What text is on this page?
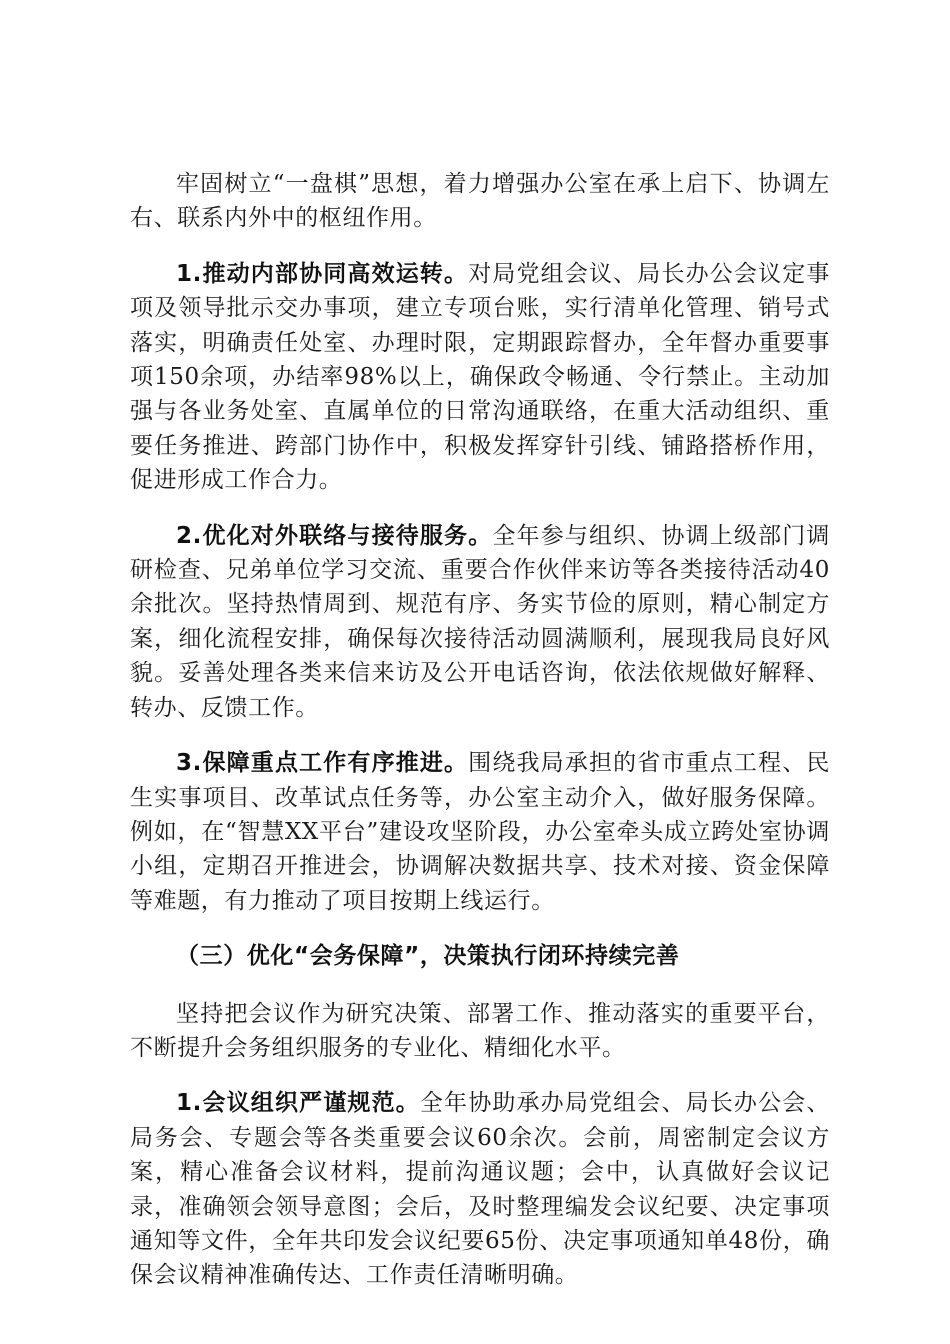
牢固树立“一盘棋”思想，着力增强办公室在承上启下、协调左右、联系内外中的枢纽作用。

1.推动内部协同高效运转。对局党组会议、局长办公会议定事项及领导批示交办事项，建立专项台账，实行清单化管理、销号式落实，明确责任处室、办理时限，定期跟踪督办，全年督办重要事项150余项，办结率98%以上，确保政令畅通、令行禁止。主动加强与各业务处室、直属单位的日常沟通联络，在重大活动组织、重要任务推进、跨部门协作中，积极发挥穿针引线、铺路搭桥作用，促进形成工作合力。

2.优化对外联络与接待服务。全年参与组织、协调上级部门调研检查、兄弟单位学习交流、重要合作伙伴来访等各类接待活动40余批次。坚持热情周到、规范有序、务实节俭的原则，精心制定方案，细化流程安排，确保每次接待活动圆满顺利，展现我局良好风貌。妥善处理各类来信来访及公开电话咨询，依法依规做好解释、转办、反馈工作。

3.保障重点工作有序推进。围绕我局承担的省市重点工程、民生实事项目、改革试点任务等，办公室主动介入，做好服务保障。例如，在“智慧XX平台”建设攻坚阶段，办公室牵头成立跨处室协调小组，定期召开推进会，协调解决数据共享、技术对接、资金保障等难题，有力推动了项目按期上线运行。

（三）优化“会务保障”，决策执行闭环持续完善

坚持把会议作为研究决策、部署工作、推动落实的重要平台，不断提升会务组织服务的专业化、精细化水平。

1.会议组织严谨规范。全年协助承办局党组会、局长办公会、局务会、专题会等各类重要会议60余次。会前，周密制定会议方案，精心准备会议材料，提前沟通议题；会中，认真做好会议记录，准确领会领导意图；会后，及时整理编发会议纪要、决定事项通知等文件，全年共印发会议纪要65份、决定事项通知单48份，确保会议精神准确传达、工作责任清晰明确。
